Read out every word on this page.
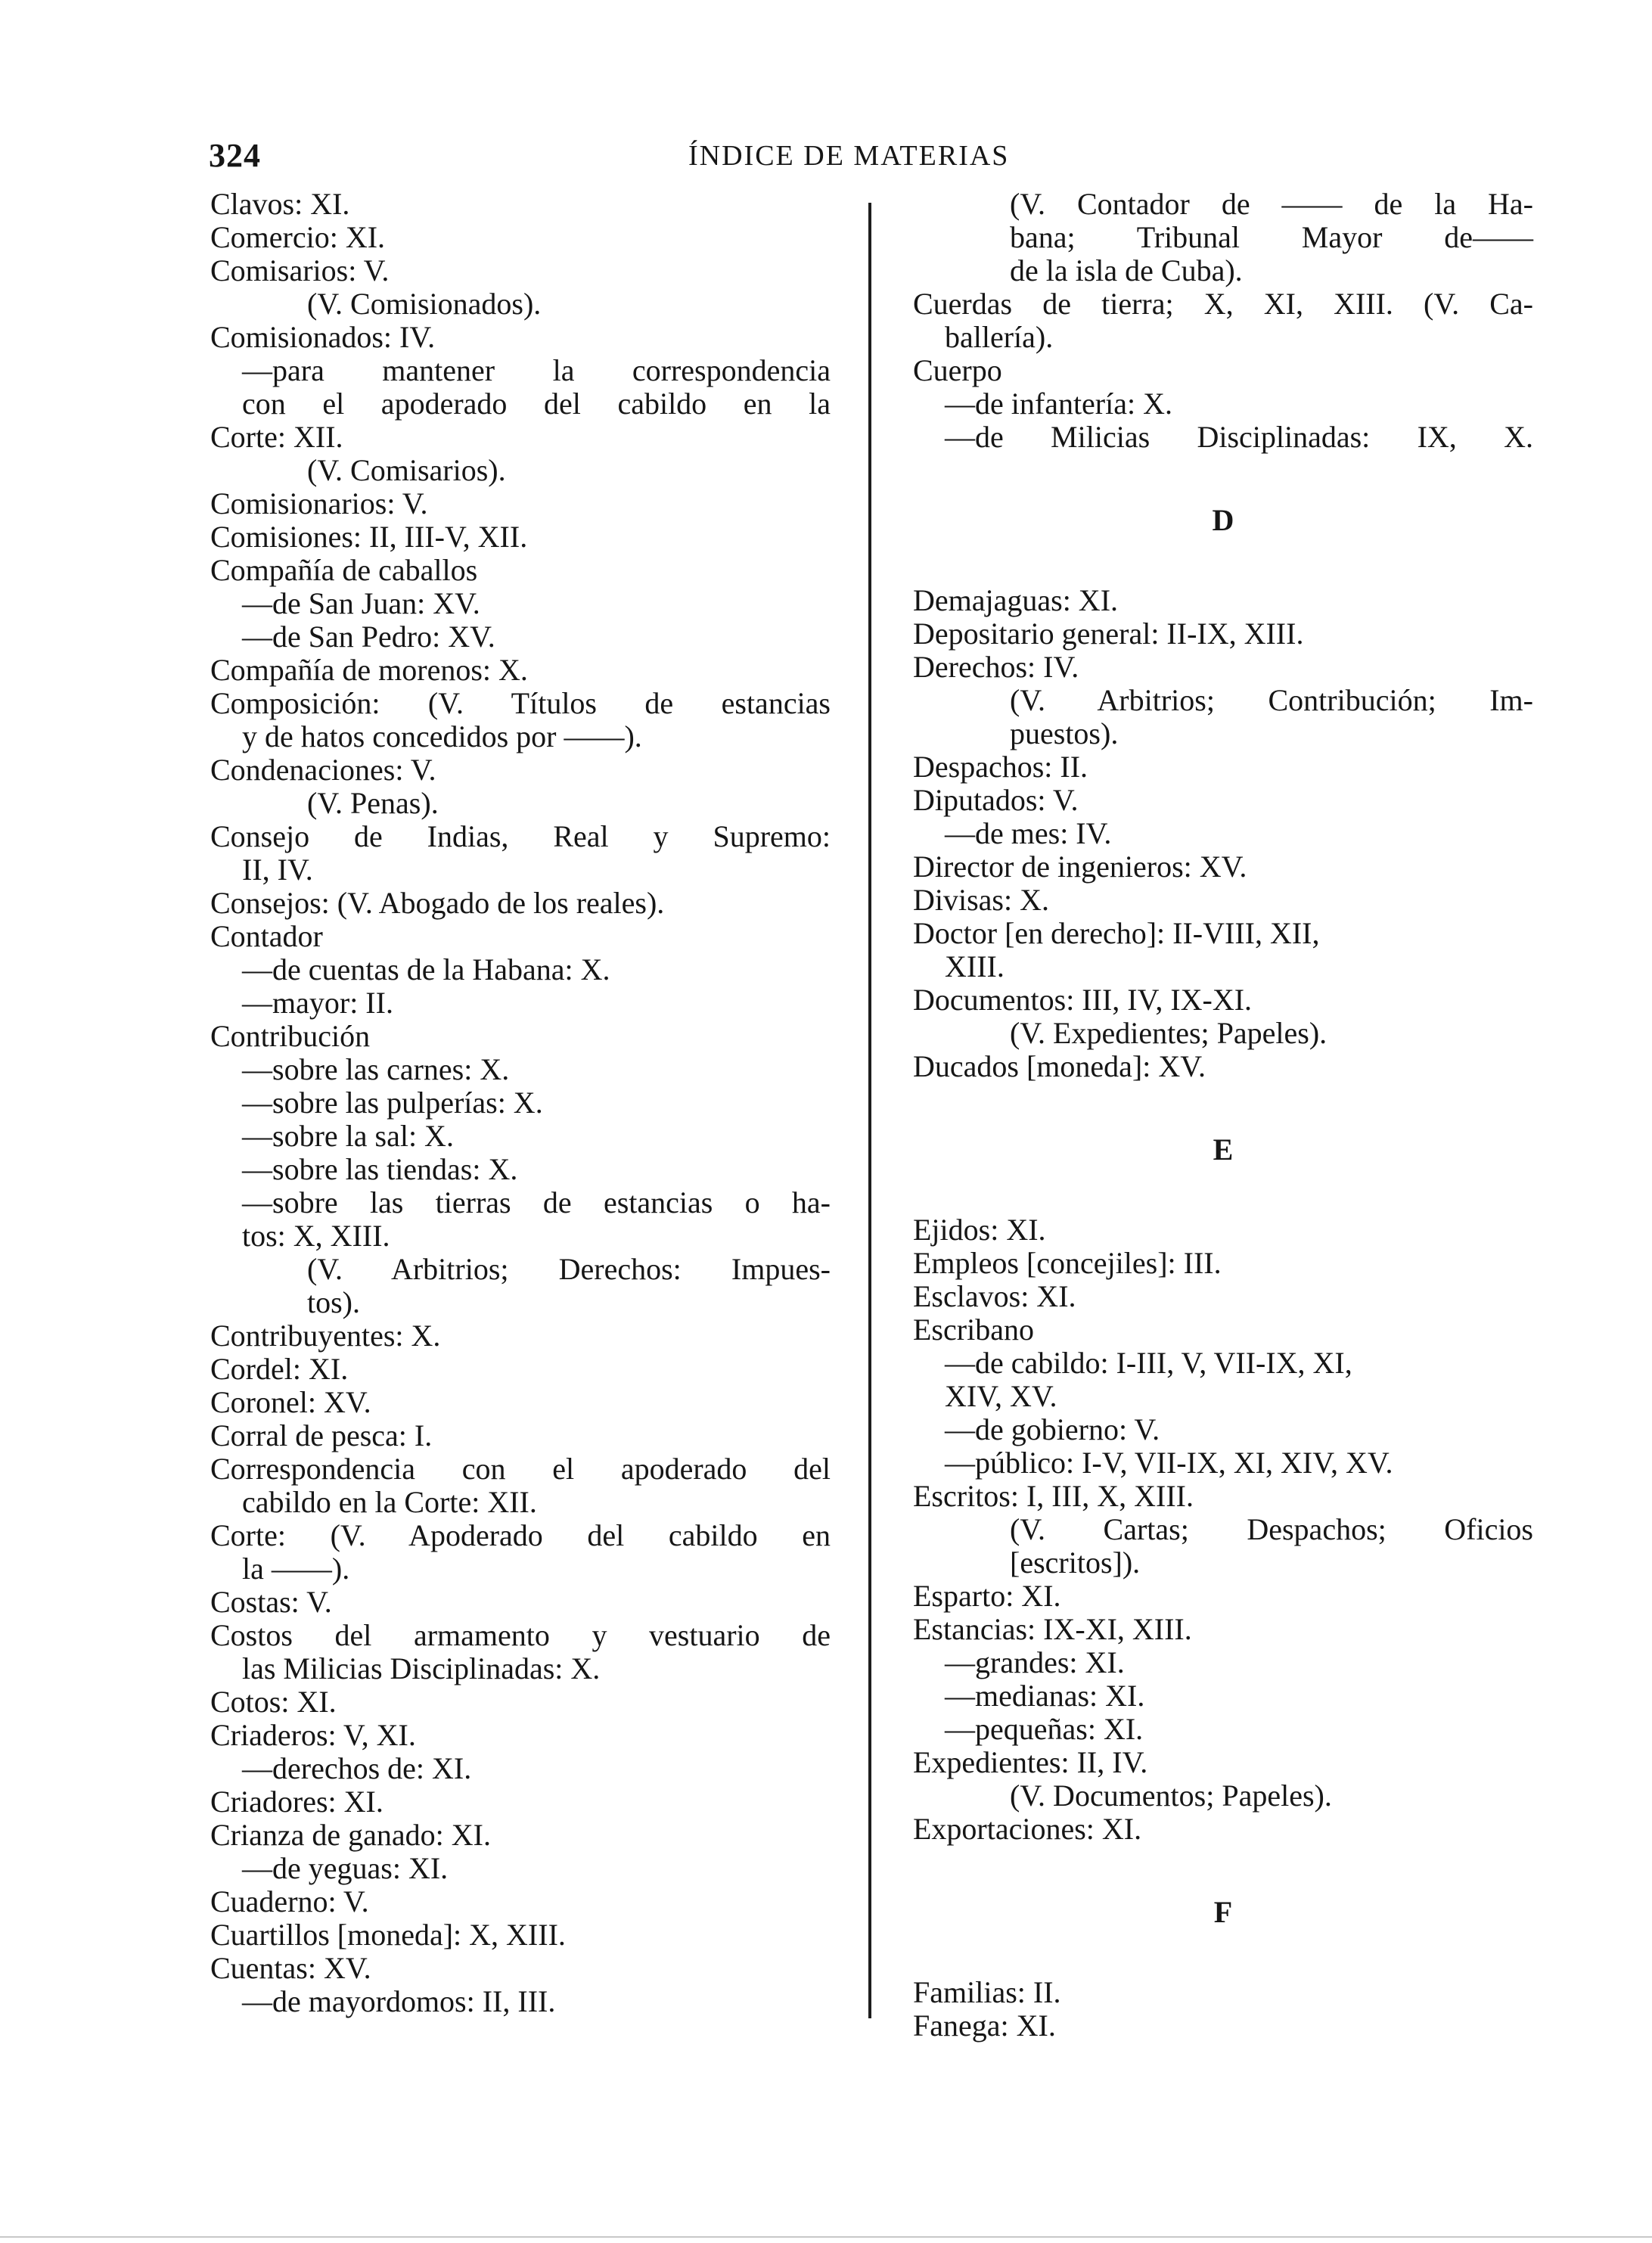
324	ÍNDICE DE MATERIAS
Clavos: XI.
Comercio: XI.
Comisarios: V.
(V. Comisionados).
Comisionados: IV.
—para mantener la correspondencia
con el apoderado del cabildo en la
Corte: XII.
(V. Comisarios).
Comisionarios: V.
Comisiones: II, III-V, XII.
Compañía de caballos
—de San Juan: XV.
—de San Pedro: XV.
Compañía de morenos: X.
Composición: (V. Títulos de estancias
y de hatos concedidos por ——).
Condenaciones: V.
(V. Penas).
Consejo de Indias, Real y Supremo:
II, IV.
Consejos: (V. Abogado de los reales).
Contador
—de cuentas de la Habana: X.
—mayor: II.
Contribución
—sobre las carnes: X.
—sobre las pulperías: X.
—sobre la sal: X.
—sobre las tiendas: X.
—sobre las tierras de estancias o ha-
tos: X, XIII.
(V. Arbitrios; Derechos: Impues-
tos).
Contribuyentes: X.
Cordel: XI.
Coronel: XV.
Corral de pesca: I.
Correspondencia con el apoderado del
cabildo en la Corte: XII.
Corte: (V. Apoderado del cabildo en
la ——).
Costas: V.
Costos del armamento y vestuario de
las Milicias Disciplinadas: X.
Cotos: XI.
Criaderos: V, XI.
—derechos de: XI.
Criadores: XI.
Crianza de ganado: XI.
—de yeguas: XI.
Cuaderno: V.
Cuartillos [moneda]: X, XIII.
Cuentas: XV.
—de mayordomos: II, III.
(V. Contador de —— de la Ha-
bana; Tribunal Mayor de——
de la isla de Cuba).
Cuerdas de tierra; X, XI, XIII. (V. Ca-
ballería).
Cuerpo
—de infantería: X.
—de Milicias Disciplinadas: IX, X.
D
Demajaguas: XI.
Depositario general: II-IX, XIII.
Derechos: IV.
(V. Arbitrios; Contribución; Im-
puestos).
Despachos: II.
Diputados: V.
—de mes: IV.
Director de ingenieros: XV.
Divisas: X.
Doctor [en derecho]: II-VIII, XII,
XIII.
Documentos: III, IV, IX-XI.
(V. Expedientes; Papeles).
Ducados [moneda]: XV.
E
Ejidos: XI.
Empleos [concejiles]: III.
Esclavos: XI.
Escribano
—de cabildo: I-III, V, VII-IX, XI,
XIV, XV.
—de gobierno: V.
—público: I-V, VII-IX, XI, XIV, XV.
Escritos: I, III, X, XIII.
(V. Cartas; Despachos; Oficios
[escritos]).
Esparto: XI.
Estancias: IX-XI, XIII.
—grandes: XI.
—medianas: XI.
—pequeñas: XI.
Expedientes: II, IV.
(V. Documentos; Papeles).
Exportaciones: XI.
F
Familias: II.
Fanega: XI.
